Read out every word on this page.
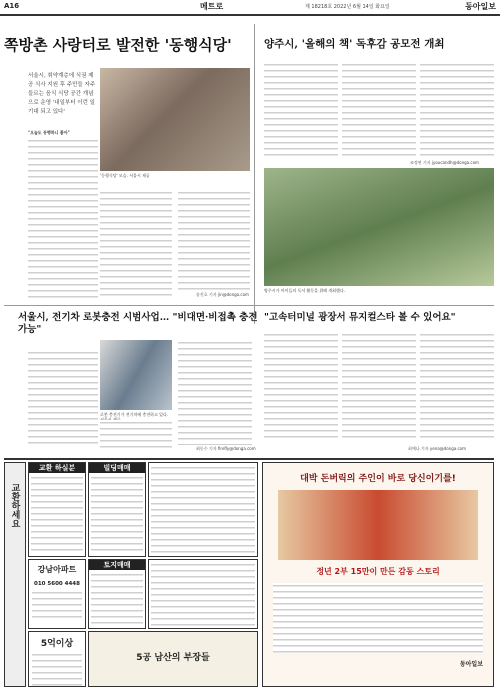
A16	메트로	제 18218호 2022년 6월 14일 화요일	동아일보
쪽방촌 사랑터로 발전한 '동행식당'
서울시, 취약계층에 식권 제공 식사 지원 후 주민들 자주 들르는 음식 식당 공간 개념으로 운영 '내일부터 이런 일 기대 되고 있다'
'동행식당' 모습. 서울시 제공
"오늘도 동행하니 좋아"
송진호 기자 jin@donga.com
양주시, '올해의 책' 독후감 공모전 개최
조정연 기자 jyoucandh@donga.com
양주시가 아이들의 독서 활동을 위해 개최했다.
서울시, 전기차 로봇충전 시범사업… "비대면·비접촉 충전 가능"
로봇 충전기가 전기차에 충전하고 있다.
최동수 기자 firefly@donga.com
"고속터미널 광장서 뮤지컬스타 볼 수 있어요"
최예나 기자 yena@donga.com
교환하세요
교환 하실분	빌딩매매
토지매매
강남아파트
010 5600 4448
5억이상
5공 남산의 부장들
대박 돈버릭의 주인이 바로 당신이기를!
정년 2부 15만이 만든 감동 스토리
동아일보
